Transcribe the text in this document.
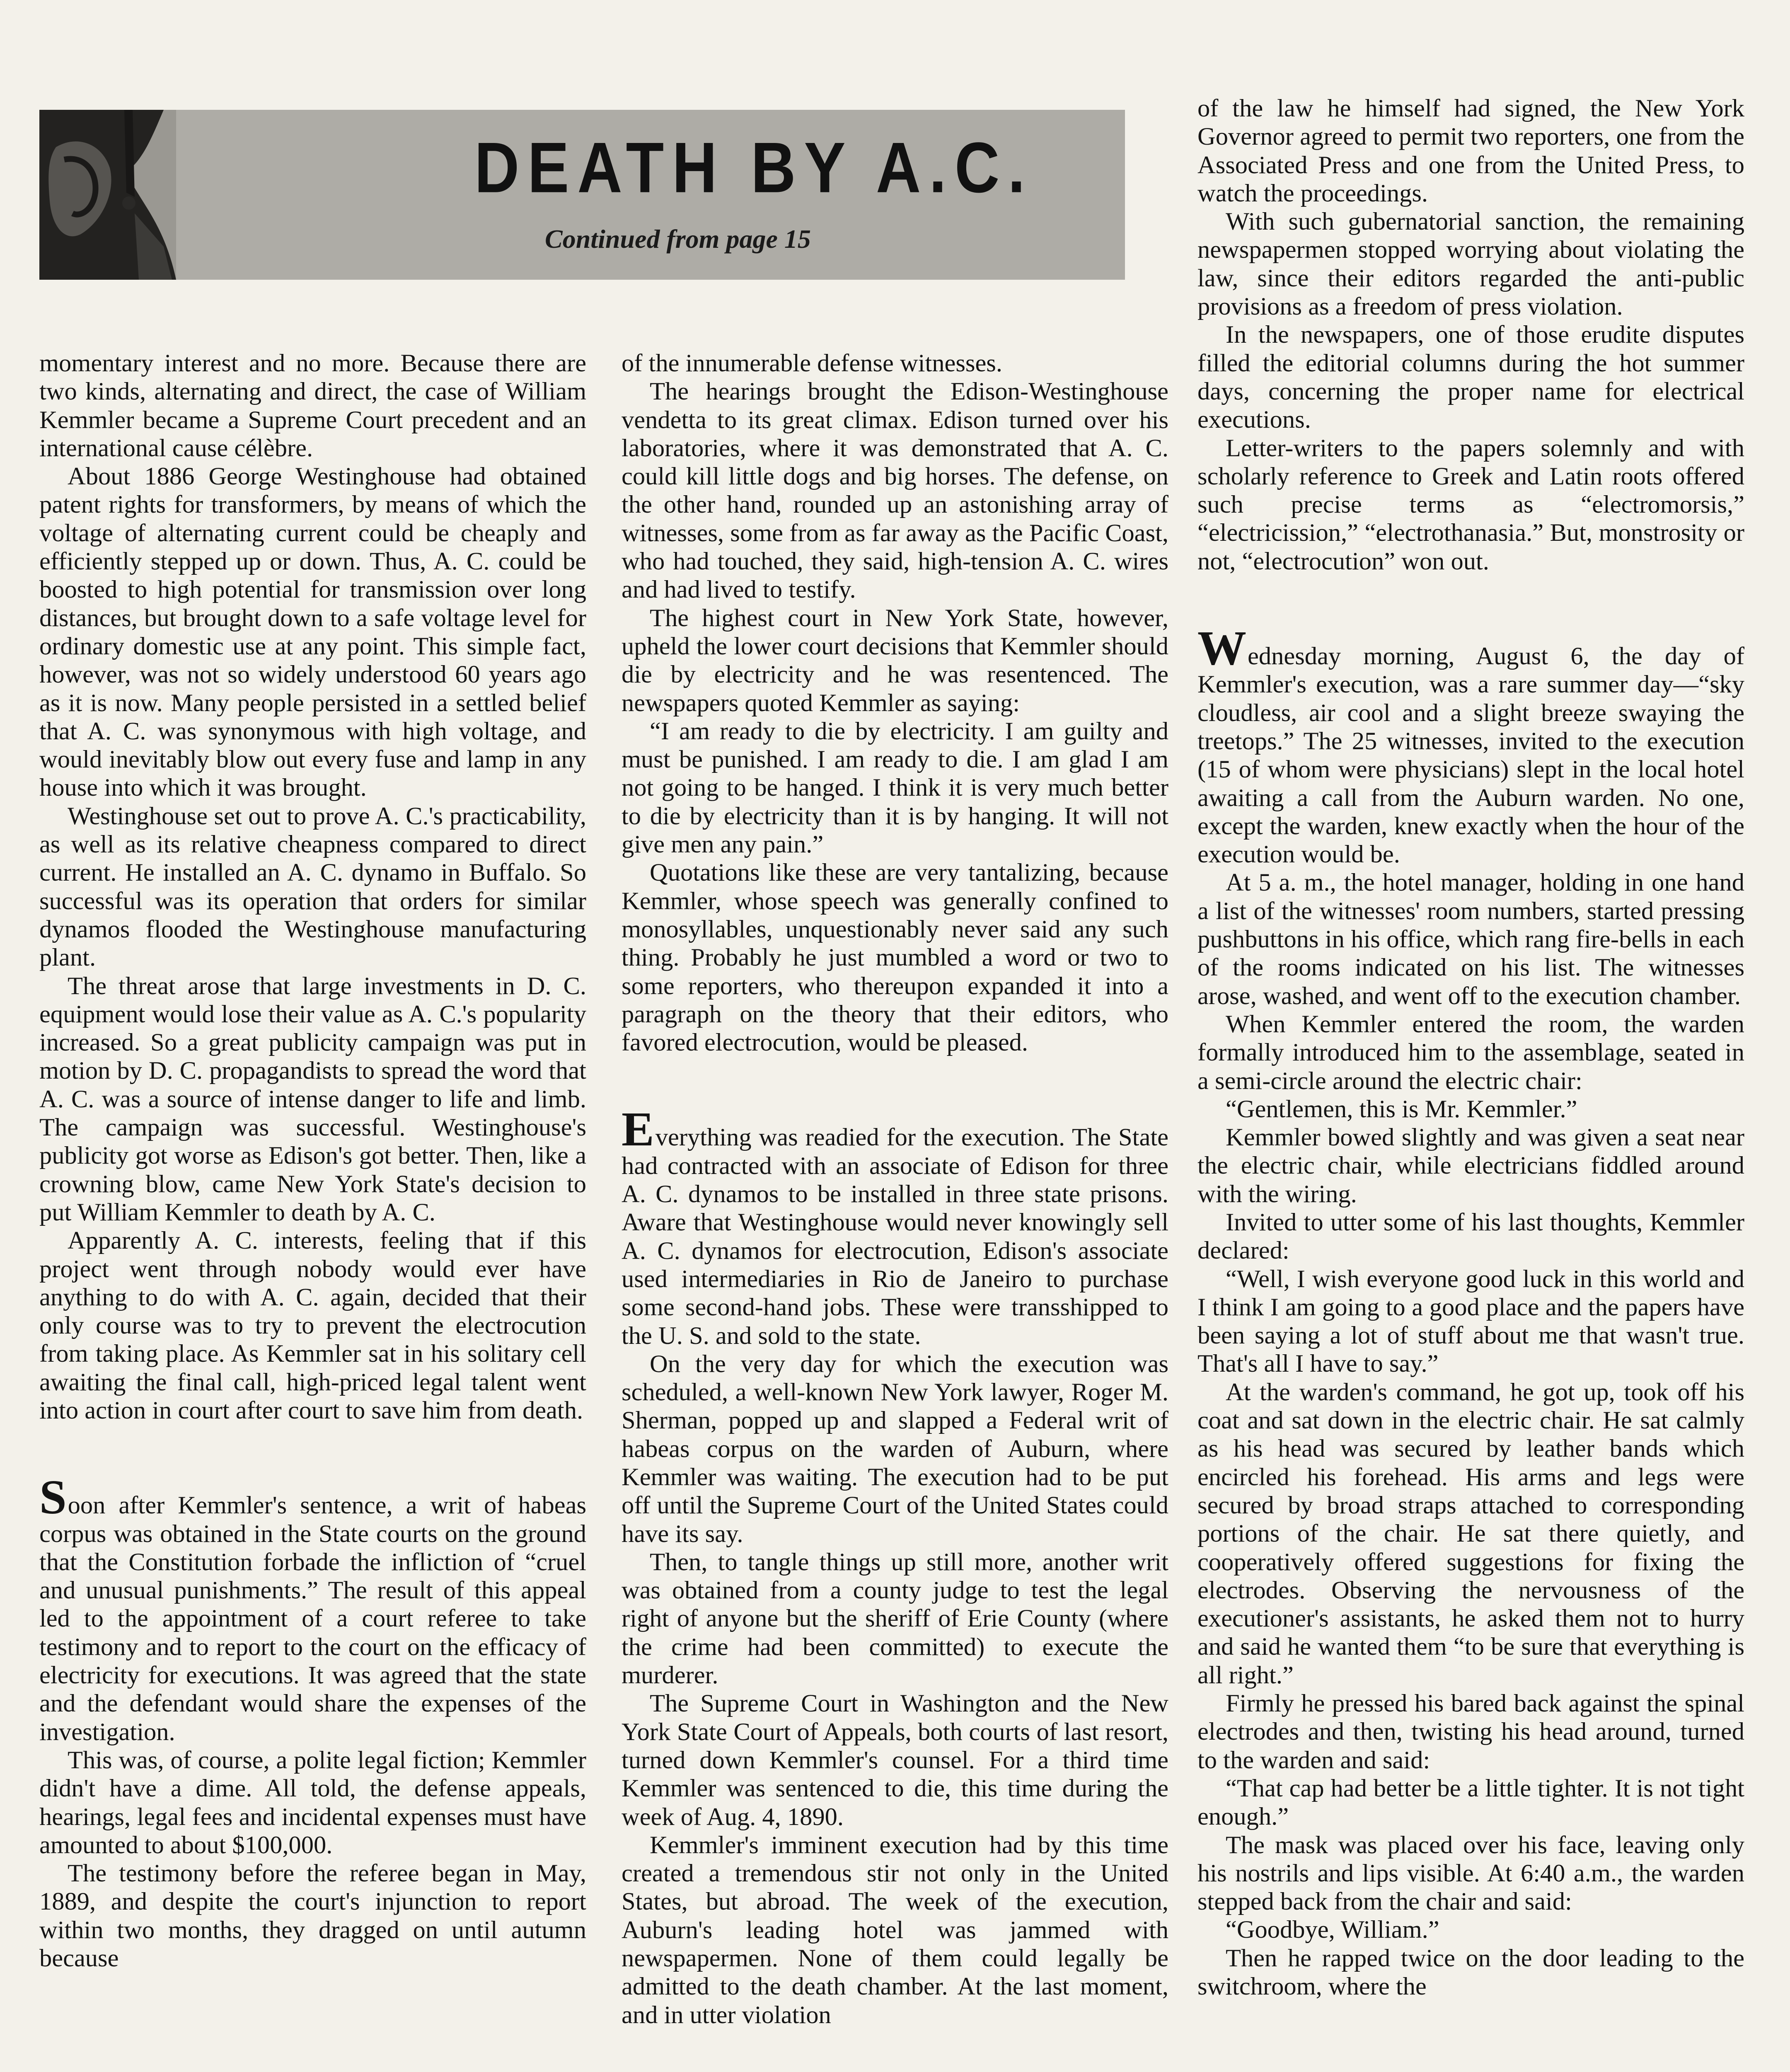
DEATH BY A.C.

Continued from page 15

momentary interest and no more. Because there are two kinds, alternating and direct, the case of William Kemmler became a Supreme Court precedent and an international cause célèbre.

About 1886 George Westinghouse had obtained patent rights for transformers, by means of which the voltage of alternating current could be cheaply and efficiently stepped up or down. Thus, A. C. could be boosted to high potential for transmission over long distances, but brought down to a safe voltage level for ordinary domestic use at any point. This simple fact, however, was not so widely understood 60 years ago as it is now. Many people persisted in a settled belief that A. C. was synonymous with high voltage, and would inevitably blow out every fuse and lamp in any house into which it was brought.

Westinghouse set out to prove A. C.'s practicability, as well as its relative cheapness compared to direct current. He installed an A. C. dynamo in Buffalo. So successful was its operation that orders for similar dynamos flooded the Westinghouse manufacturing plant.

The threat arose that large investments in D. C. equipment would lose their value as A. C.'s popularity increased. So a great publicity campaign was put in motion by D. C. propagandists to spread the word that A. C. was a source of intense danger to life and limb. The campaign was successful. Westinghouse's publicity got worse as Edison's got better. Then, like a crowning blow, came New York State's decision to put William Kemmler to death by A. C.

Apparently A. C. interests, feeling that if this project went through nobody would ever have anything to do with A. C. again, decided that their only course was to try to prevent the electrocution from taking place. As Kemmler sat in his solitary cell awaiting the final call, high-priced legal talent went into action in court after court to save him from death.

Soon after Kemmler's sentence, a writ of habeas corpus was obtained in the State courts on the ground that the Constitution forbade the infliction of “cruel and unusual punishments.” The result of this appeal led to the appointment of a court referee to take testimony and to report to the court on the efficacy of electricity for executions. It was agreed that the state and the defendant would share the expenses of the investigation.

This was, of course, a polite legal fiction; Kemmler didn't have a dime. All told, the defense appeals, hearings, legal fees and incidental expenses must have amounted to about $100,000.

The testimony before the referee began in May, 1889, and despite the court's injunction to report within two months, they dragged on until autumn because

of the innumerable defense witnesses.

The hearings brought the Edison-Westinghouse vendetta to its great climax. Edison turned over his laboratories, where it was demonstrated that A. C. could kill little dogs and big horses. The defense, on the other hand, rounded up an astonishing array of witnesses, some from as far away as the Pacific Coast, who had touched, they said, high-tension A. C. wires and had lived to testify.

The highest court in New York State, however, upheld the lower court decisions that Kemmler should die by electricity and he was resentenced. The newspapers quoted Kemmler as saying:

“I am ready to die by electricity. I am guilty and must be punished. I am ready to die. I am glad I am not going to be hanged. I think it is very much better to die by electricity than it is by hanging. It will not give men any pain.”

Quotations like these are very tantalizing, because Kemmler, whose speech was generally confined to monosyllables, unquestionably never said any such thing. Probably he just mumbled a word or two to some reporters, who thereupon expanded it into a paragraph on the theory that their editors, who favored electrocution, would be pleased.

Everything was readied for the execution. The State had contracted with an associate of Edison for three A. C. dynamos to be installed in three state prisons. Aware that Westinghouse would never knowingly sell A. C. dynamos for electrocution, Edison's associate used intermediaries in Rio de Janeiro to purchase some second-hand jobs. These were transshipped to the U. S. and sold to the state.

On the very day for which the execution was scheduled, a well-known New York lawyer, Roger M. Sherman, popped up and slapped a Federal writ of habeas corpus on the warden of Auburn, where Kemmler was waiting. The execution had to be put off until the Supreme Court of the United States could have its say.

Then, to tangle things up still more, another writ was obtained from a county judge to test the legal right of anyone but the sheriff of Erie County (where the crime had been committed) to execute the murderer.

The Supreme Court in Washington and the New York State Court of Appeals, both courts of last resort, turned down Kemmler's counsel. For a third time Kemmler was sentenced to die, this time during the week of Aug. 4, 1890.

Kemmler's imminent execution had by this time created a tremendous stir not only in the United States, but abroad. The week of the execution, Auburn's leading hotel was jammed with newspapermen. None of them could legally be admitted to the death chamber. At the last moment, and in utter violation

of the law he himself had signed, the New York Governor agreed to permit two reporters, one from the Associated Press and one from the United Press, to watch the proceedings.

With such gubernatorial sanction, the remaining newspapermen stopped worrying about violating the law, since their editors regarded the anti-public provisions as a freedom of press violation.

In the newspapers, one of those erudite disputes filled the editorial columns during the hot summer days, concerning the proper name for electrical executions.

Letter-writers to the papers solemnly and with scholarly reference to Greek and Latin roots offered such precise terms as “electromorsis,” “electricission,” “electrothanasia.” But, monstrosity or not, “electrocution” won out.

Wednesday morning, August 6, the day of Kemmler's execution, was a rare summer day—“sky cloudless, air cool and a slight breeze swaying the treetops.” The 25 witnesses, invited to the execution (15 of whom were physicians) slept in the local hotel awaiting a call from the Auburn warden. No one, except the warden, knew exactly when the hour of the execution would be.

At 5 a. m., the hotel manager, holding in one hand a list of the witnesses' room numbers, started pressing pushbuttons in his office, which rang fire-bells in each of the rooms indicated on his list. The witnesses arose, washed, and went off to the execution chamber.

When Kemmler entered the room, the warden formally introduced him to the assemblage, seated in a semi-circle around the electric chair:

“Gentlemen, this is Mr. Kemmler.”

Kemmler bowed slightly and was given a seat near the electric chair, while electricians fiddled around with the wiring.

Invited to utter some of his last thoughts, Kemmler declared:

“Well, I wish everyone good luck in this world and I think I am going to a good place and the papers have been saying a lot of stuff about me that wasn't true. That's all I have to say.”

At the warden's command, he got up, took off his coat and sat down in the electric chair. He sat calmly as his head was secured by leather bands which encircled his forehead. His arms and legs were secured by broad straps attached to corresponding portions of the chair. He sat there quietly, and cooperatively offered suggestions for fixing the electrodes. Observing the nervousness of the executioner's assistants, he asked them not to hurry and said he wanted them “to be sure that everything is all right.”

Firmly he pressed his bared back against the spinal electrodes and then, twisting his head around, turned to the warden and said:

“That cap had better be a little tighter. It is not tight enough.”

The mask was placed over his face, leaving only his nostrils and lips visible. At 6:40 a.m., the warden stepped back from the chair and said:

“Goodbye, William.”

Then he rapped twice on the door leading to the switchroom, where the
